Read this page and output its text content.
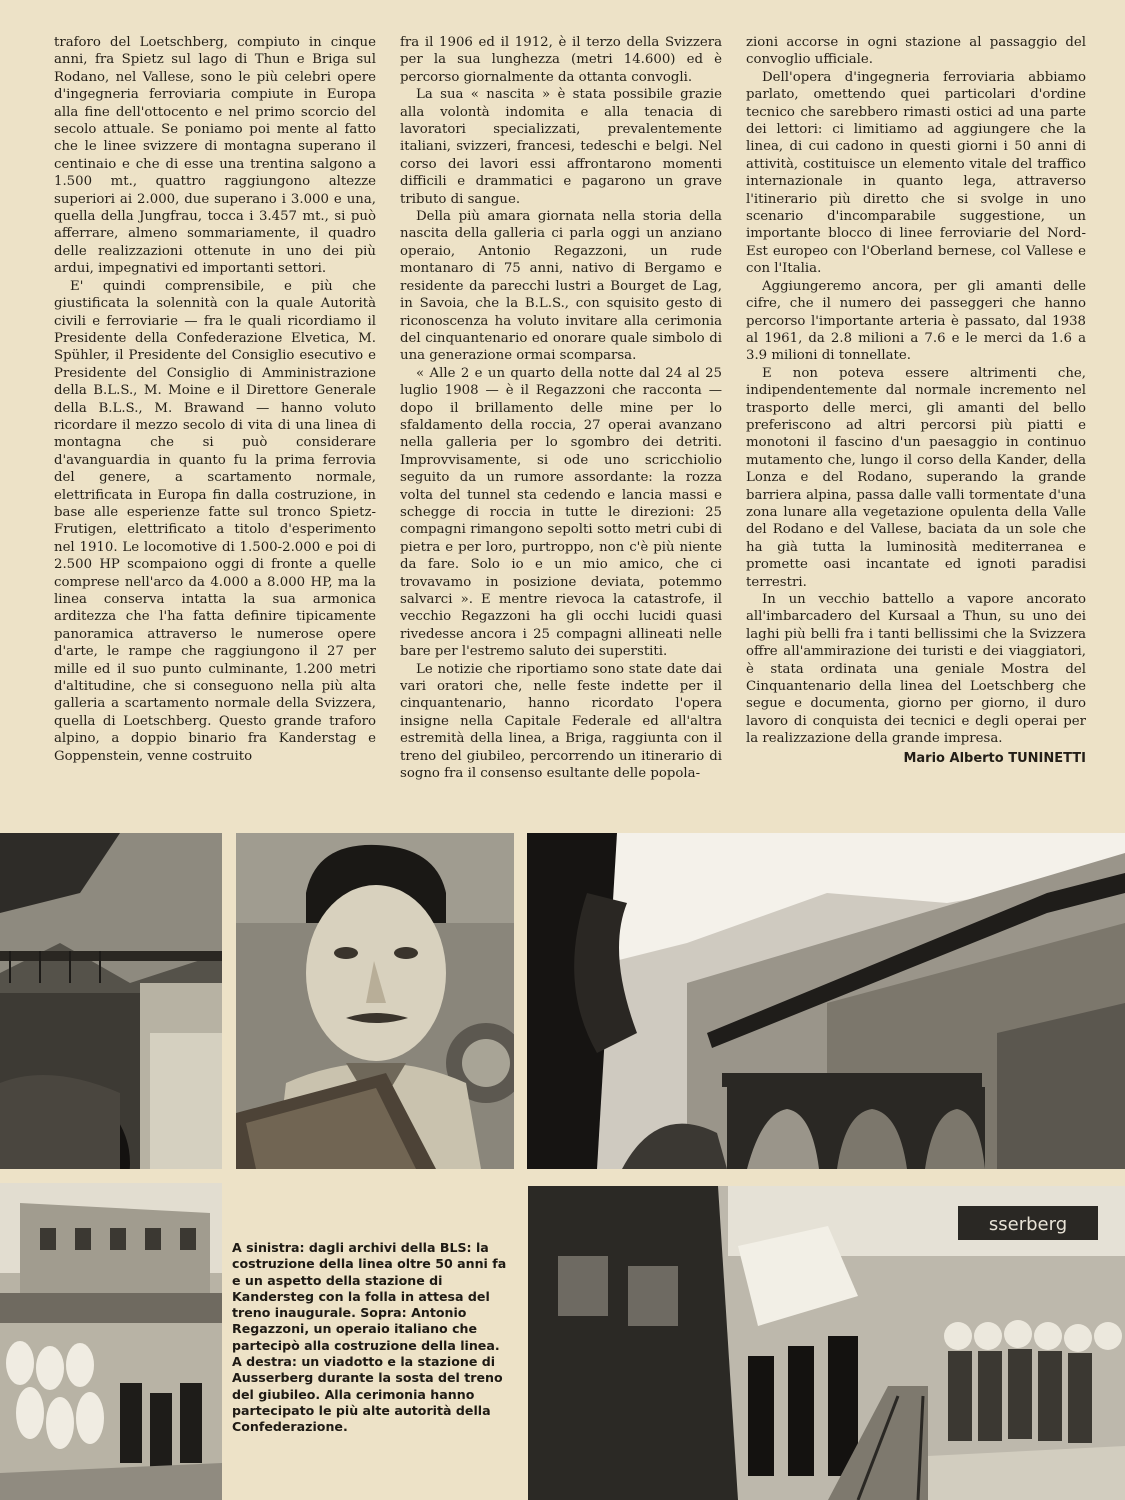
traforo del Loetschberg, compiuto in cinque anni, fra Spietz sul lago di Thun e Briga sul Rodano, nel Vallese, sono le più celebri opere d'ingegneria ferroviaria compiute in Europa alla fine dell'ottocento e nel primo scorcio del secolo attuale. Se poniamo poi mente al fatto che le linee svizzere di montagna superano il centinaio e che di esse una trentina salgono a 1.500 mt., quattro raggiungono altezze superiori ai 2.000, due superano i 3.000 e una, quella della Jungfrau, tocca i 3.457 mt., si può afferrare, almeno sommariamente, il quadro delle realizzazioni ottenute in uno dei più ardui, impegnativi ed importanti settori.

E' quindi comprensibile, e più che giustificata la solennità con la quale Autorità civili e ferroviarie — fra le quali ricordiamo il Presidente della Confederazione Elvetica, M. Spühler, il Presidente del Consiglio esecutivo e Presidente del Consiglio di Amministrazione della B.L.S., M. Moine e il Direttore Generale della B.L.S., M. Brawand — hanno voluto ricordare il mezzo secolo di vita di una linea di montagna che si può considerare d'avanguardia in quanto fu la prima ferrovia del genere, a scartamento normale, elettrificata in Europa fin dalla costruzione, in base alle esperienze fatte sul tronco Spietz-Frutigen, elettrificato a titolo d'esperimento nel 1910. Le locomotive di 1.500-2.000 e poi di 2.500 HP scompaiono oggi di fronte a quelle comprese nell'arco da 4.000 a 8.000 HP, ma la linea conserva intatta la sua armonica arditezza che l'ha fatta definire tipicamente panoramica attraverso le numerose opere d'arte, le rampe che raggiungono il 27 per mille ed il suo punto culminante, 1.200 metri d'altitudine, che si conseguono nella più alta galleria a scartamento normale della Svizzera, quella di Loetschberg. Questo grande traforo alpino, a doppio binario fra Kanderstag e Goppenstein, venne costruito

fra il 1906 ed il 1912, è il terzo della Svizzera per la sua lunghezza (metri 14.600) ed è percorso giornalmente da ottanta convogli.

La sua « nascita » è stata possibile grazie alla volontà indomita e alla tenacia di lavoratori specializzati, prevalentemente italiani, svizzeri, francesi, tedeschi e belgi. Nel corso dei lavori essi affrontarono momenti difficili e drammatici e pagarono un grave tributo di sangue.

Della più amara giornata nella storia della nascita della galleria ci parla oggi un anziano operaio, Antonio Regazzoni, un rude montanaro di 75 anni, nativo di Bergamo e residente da parecchi lustri a Bourget de Lag, in Savoia, che la B.L.S., con squisito gesto di riconoscenza ha voluto invitare alla cerimonia del cinquantenario ed onorare quale simbolo di una generazione ormai scomparsa.

« Alle 2 e un quarto della notte dal 24 al 25 luglio 1908 — è il Regazzoni che racconta — dopo il brillamento delle mine per lo sfaldamento della roccia, 27 operai avanzano nella galleria per lo sgombro dei detriti. Improvvisamente, si ode uno scricchiolio seguito da un rumore assordante: la rozza volta del tunnel sta cedendo e lancia massi e schegge di roccia in tutte le direzioni: 25 compagni rimangono sepolti sotto metri cubi di pietra e per loro, purtroppo, non c'è più niente da fare. Solo io e un mio amico, che ci trovavamo in posizione deviata, potemmo salvarci ». E mentre rievoca la catastrofe, il vecchio Regazzoni ha gli occhi lucidi quasi rivedesse ancora i 25 compagni allineati nelle bare per l'estremo saluto dei superstiti.

Le notizie che riportiamo sono state date dai vari oratori che, nelle feste indette per il cinquantenario, hanno ricordato l'opera insigne nella Capitale Federale ed all'altra estremità della linea, a Briga, raggiunta con il treno del giubileo, percorrendo un itinerario di sogno fra il consenso esultante delle popola-

zioni accorse in ogni stazione al passaggio del convoglio ufficiale.

Dell'opera d'ingegneria ferroviaria abbiamo parlato, omettendo quei particolari d'ordine tecnico che sarebbero rimasti ostici ad una parte dei lettori: ci limitiamo ad aggiungere che la linea, di cui cadono in questi giorni i 50 anni di attività, costituisce un elemento vitale del traffico internazionale in quanto lega, attraverso l'itinerario più diretto che si svolge in uno scenario d'incomparabile suggestione, un importante blocco di linee ferroviarie del Nord-Est europeo con l'Oberland bernese, col Vallese e con l'Italia.

Aggiungeremo ancora, per gli amanti delle cifre, che il numero dei passeggeri che hanno percorso l'importante arteria è passato, dal 1938 al 1961, da 2.8 milioni a 7.6 e le merci da 1.6 a 3.9 milioni di tonnellate.

E non poteva essere altrimenti che, indipendentemente dal normale incremento nel trasporto delle merci, gli amanti del bello preferiscono ad altri percorsi più piatti e monotoni il fascino d'un paesaggio in continuo mutamento che, lungo il corso della Kander, della Lonza e del Rodano, superando la grande barriera alpina, passa dalle valli tormentate d'una zona lunare alla vegetazione opulenta della Valle del Rodano e del Vallese, baciata da un sole che ha già tutta la luminosità mediterranea e promette oasi incantate ed ignoti paradisi terrestri.

In un vecchio battello a vapore ancorato all'imbarcadero del Kursaal a Thun, su uno dei laghi più belli fra i tanti bellissimi che la Svizzera offre all'ammirazione dei turisti e dei viaggiatori, è stata ordinata una geniale Mostra del Cinquantenario della linea del Loetschberg che segue e documenta, giorno per giorno, il duro lavoro di conquista dei tecnici e degli operai per la realizzazione della grande impresa.

Mario Alberto TUNINETTI
sserberg
A sinistra: dagli archivi della BLS: la costruzione della linea oltre 50 anni fa e un aspetto della stazione di Kandersteg con la folla in attesa del treno inaugurale. Sopra: Antonio Regazzoni, un operaio italiano che partecipò alla costruzione della linea. A destra: un viadotto e la stazione di Ausserberg durante la sosta del treno del giubileo. Alla cerimonia hanno partecipato le più alte autorità della Confederazione.
